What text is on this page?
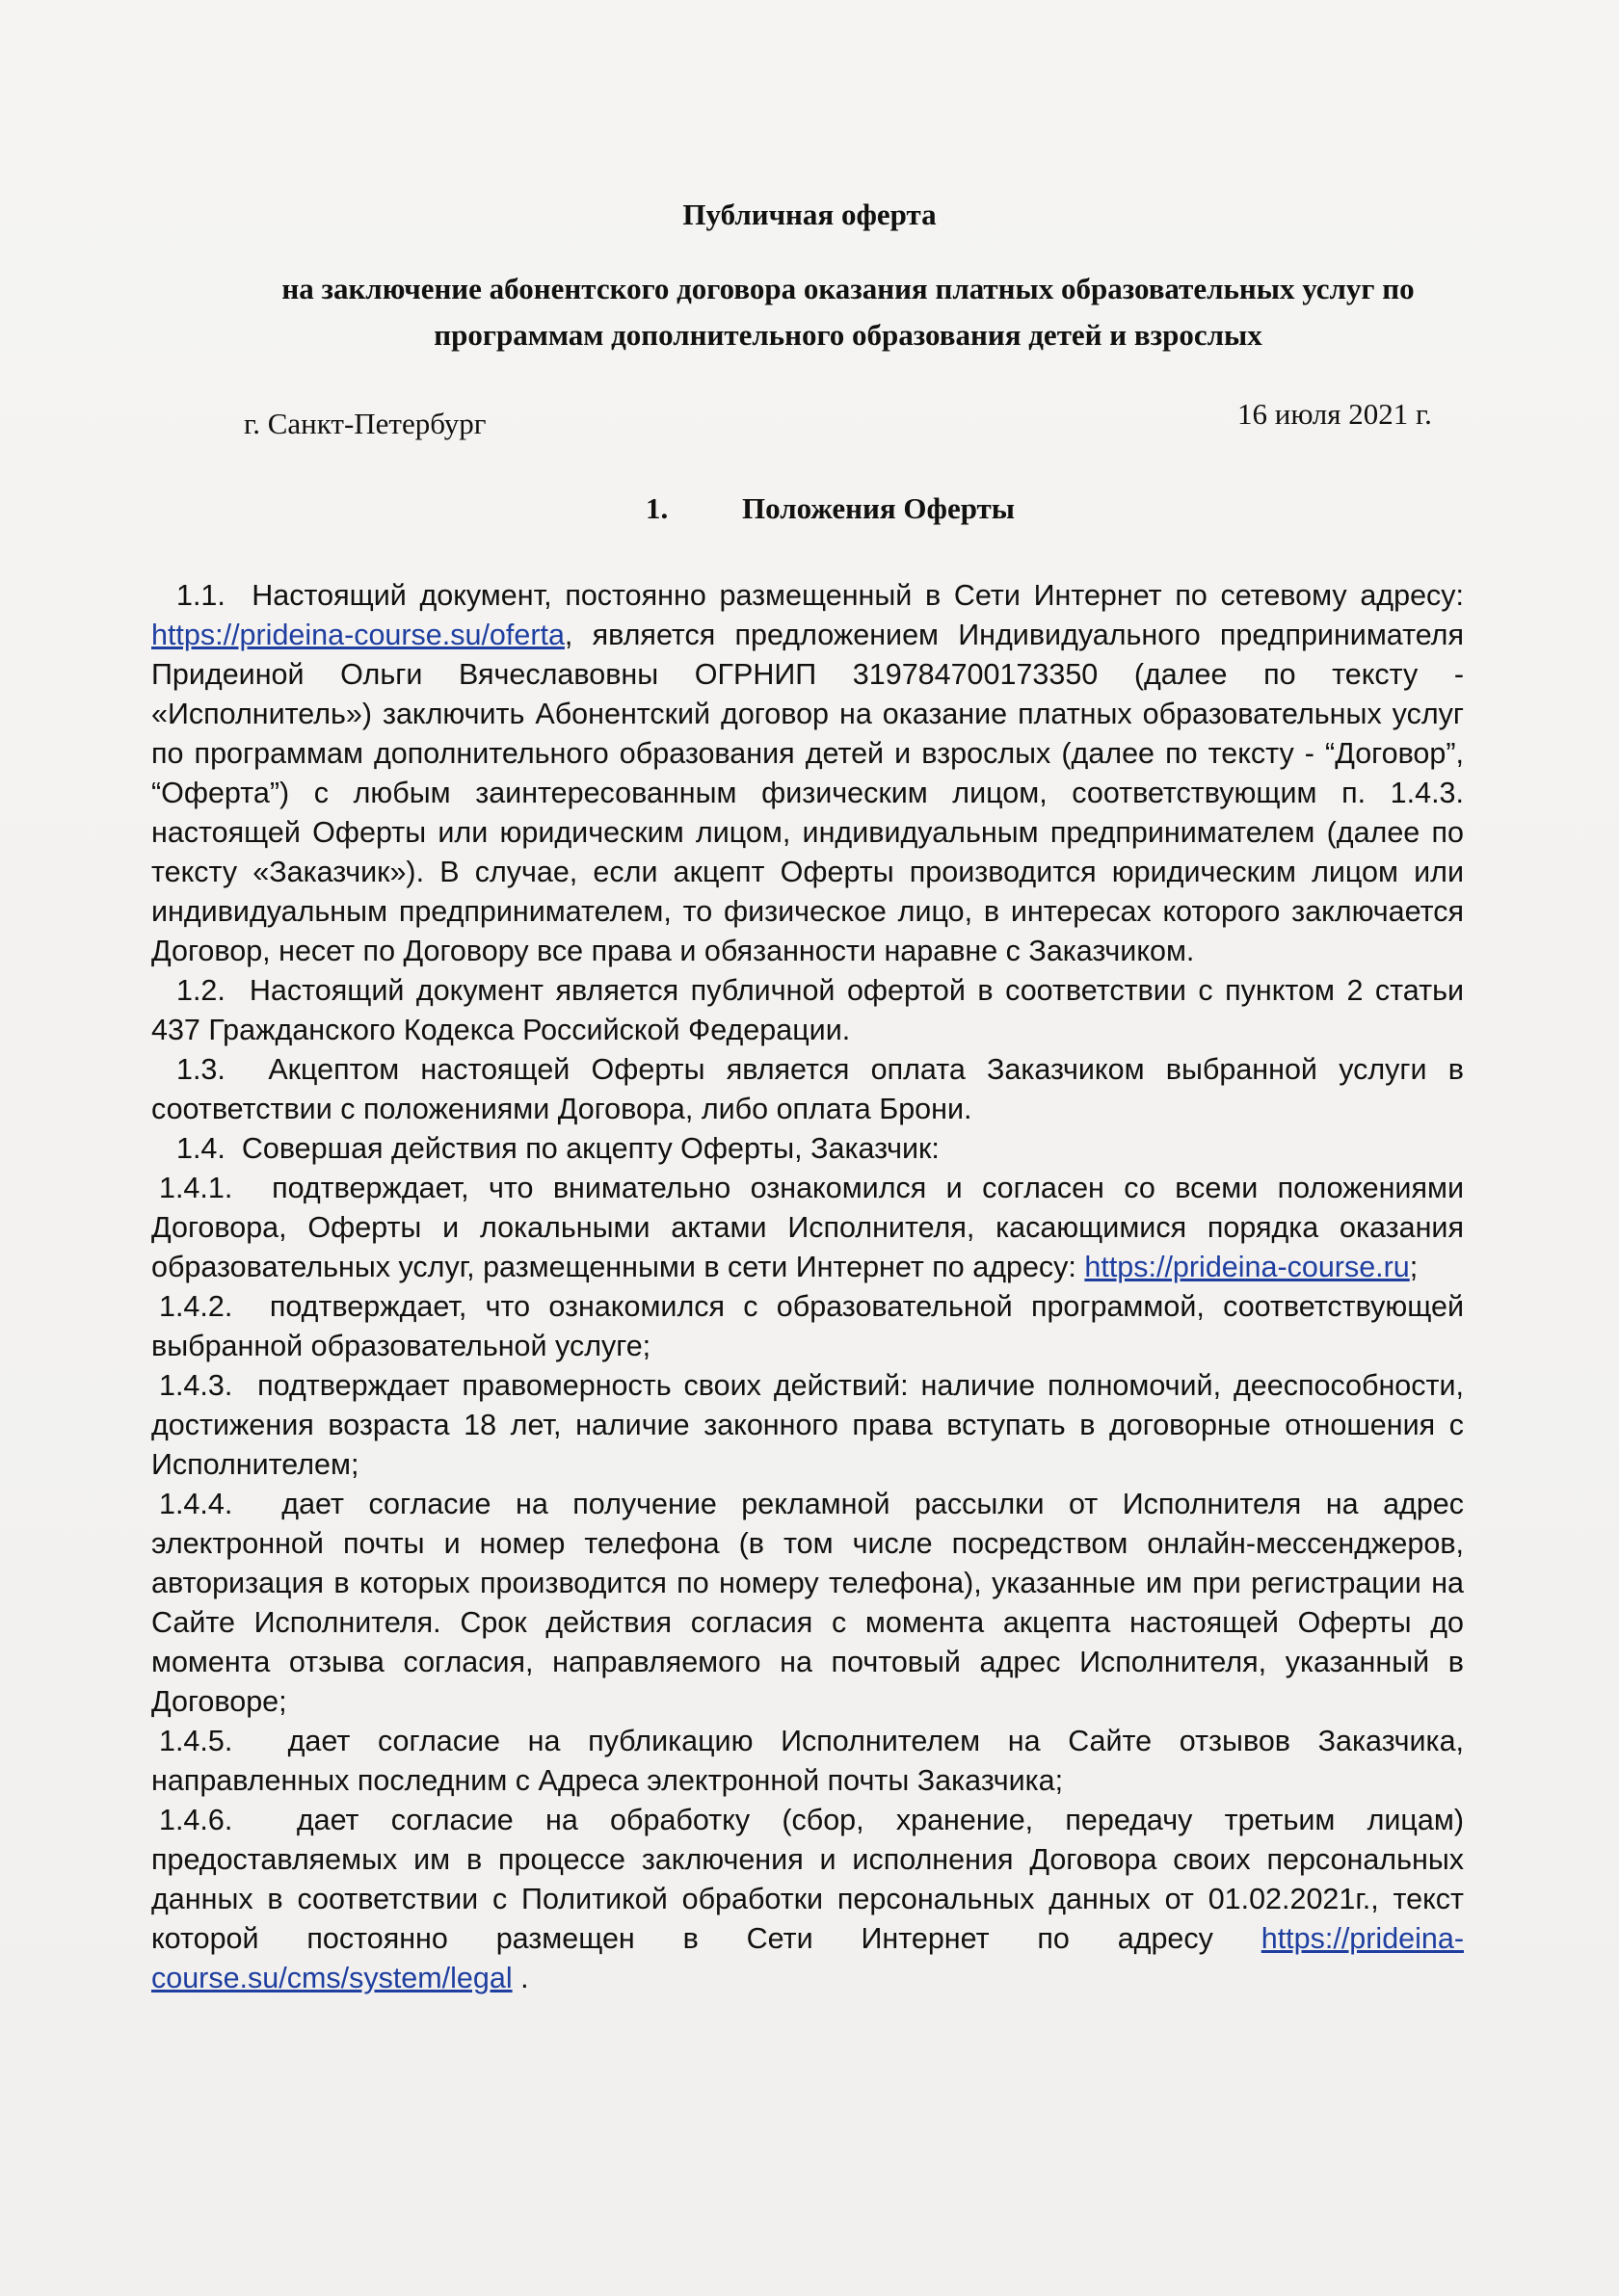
Публичная оферта
на заключение абонентского договора оказания платных образовательных услуг по программам дополнительного образования детей и взрослых
г. Санкт-Петербург	16 июля 2021 г.
1. Положения Оферты

1.1. Настоящий документ, постоянно размещенный в Сети Интернет по сетевому адресу: https://prideina-course.su/oferta, является предложением Индивидуального предпринимателя Придеиной Ольги Вячеславовны ОГРНИП 319784700173350 (далее по тексту - «Исполнитель») заключить Абонентский договор на оказание платных образовательных услуг по программам дополнительного образования детей и взрослых (далее по тексту - “Договор”, “Оферта”) с любым заинтересованным физическим лицом, соответствующим п. 1.4.3. настоящей Оферты или юридическим лицом, индивидуальным предпринимателем (далее по тексту «Заказчик»). В случае, если акцепт Оферты производится юридическим лицом или индивидуальным предпринимателем, то физическое лицо, в интересах которого заключается Договор, несет по Договору все права и обязанности наравне с Заказчиком.

1.2. Настоящий документ является публичной офертой в соответствии с пунктом 2 статьи 437 Гражданского Кодекса Российской Федерации.

1.3. Акцептом настоящей Оферты является оплата Заказчиком выбранной услуги в соответствии с положениями Договора, либо оплата Брони.

1.4. Совершая действия по акцепту Оферты, Заказчик:

1.4.1. подтверждает, что внимательно ознакомился и согласен со всеми положениями Договора, Оферты и локальными актами Исполнителя, касающимися порядка оказания образовательных услуг, размещенными в сети Интернет по адресу: https://prideina-course.ru;

1.4.2. подтверждает, что ознакомился с образовательной программой, соответствующей выбранной образовательной услуге;

1.4.3. подтверждает правомерность своих действий: наличие полномочий, дееспособности, достижения возраста 18 лет, наличие законного права вступать в договорные отношения с Исполнителем;

1.4.4. дает согласие на получение рекламной рассылки от Исполнителя на адрес электронной почты и номер телефона (в том числе посредством онлайн-мессенджеров, авторизация в которых производится по номеру телефона), указанные им при регистрации на Сайте Исполнителя. Срок действия согласия с момента акцепта настоящей Оферты до момента отзыва согласия, направляемого на почтовый адрес Исполнителя, указанный в Договоре;

1.4.5. дает согласие на публикацию Исполнителем на Сайте отзывов Заказчика, направленных последним с Адреса электронной почты Заказчика;

1.4.6. дает согласие на обработку (сбор, хранение, передачу третьим лицам) предоставляемых им в процессе заключения и исполнения Договора своих персональных данных в соответствии с Политикой обработки персональных данных от 01.02.2021г., текст которой постоянно размещен в Сети Интернет по адресу https://prideina-course.su/cms/system/legal .
